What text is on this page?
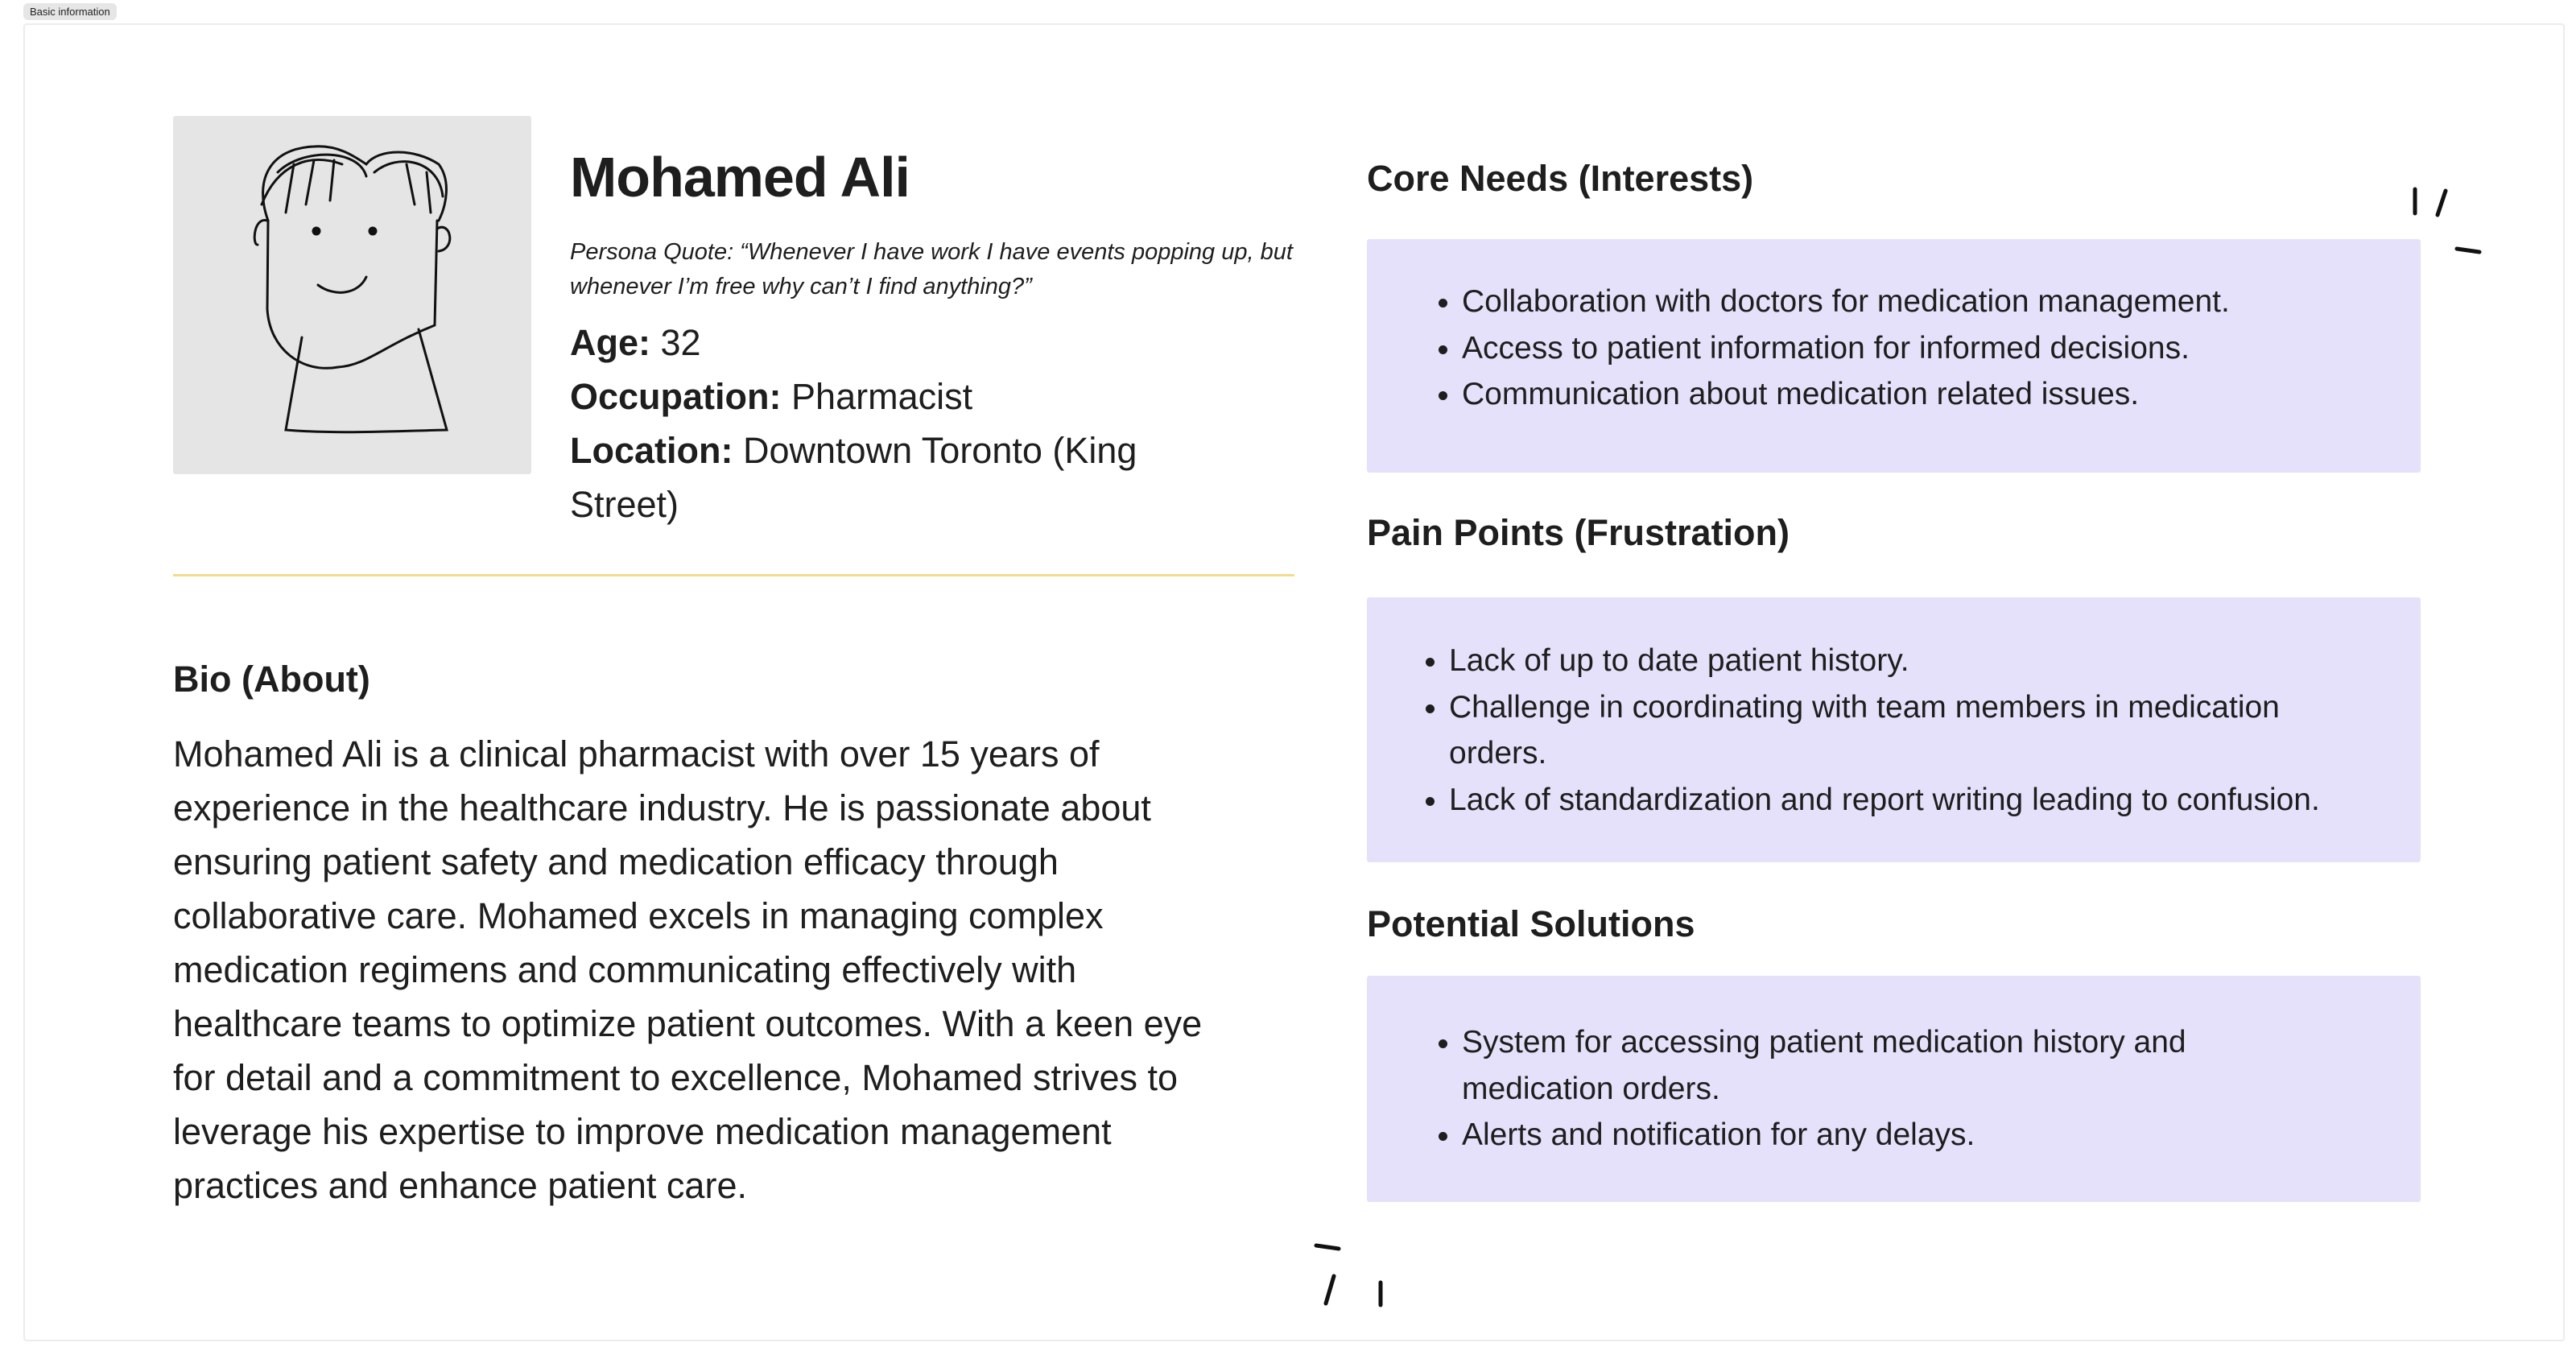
Basic information
Mohamed Ali
Persona Quote: “Whenever I have work I have events popping up, but whenever I’m free why can’t I find anything?”
Age: 32
Occupation: Pharmacist
Location: Downtown Toronto (King Street)
Bio (About)
Mohamed Ali is a clinical pharmacist with over 15 years of experience in the healthcare industry. He is passionate about ensuring patient safety and medication efficacy through collaborative care. Mohamed excels in managing complex medication regimens and communicating effectively with healthcare teams to optimize patient outcomes. With a keen eye for detail and a commitment to excellence, Mohamed strives to leverage his expertise to improve medication management practices and enhance patient care.
Core Needs (Interests)
• Collaboration with doctors for medication management.
• Access to patient information for informed decisions.
• Communication about medication related issues.
Pain Points (Frustration)
• Lack of up to date patient history.
• Challenge in coordinating with team members in medication orders.
• Lack of standardization and report writing leading to confusion.
Potential Solutions
• System for accessing patient medication history and medication orders.
• Alerts and notification for any delays.
